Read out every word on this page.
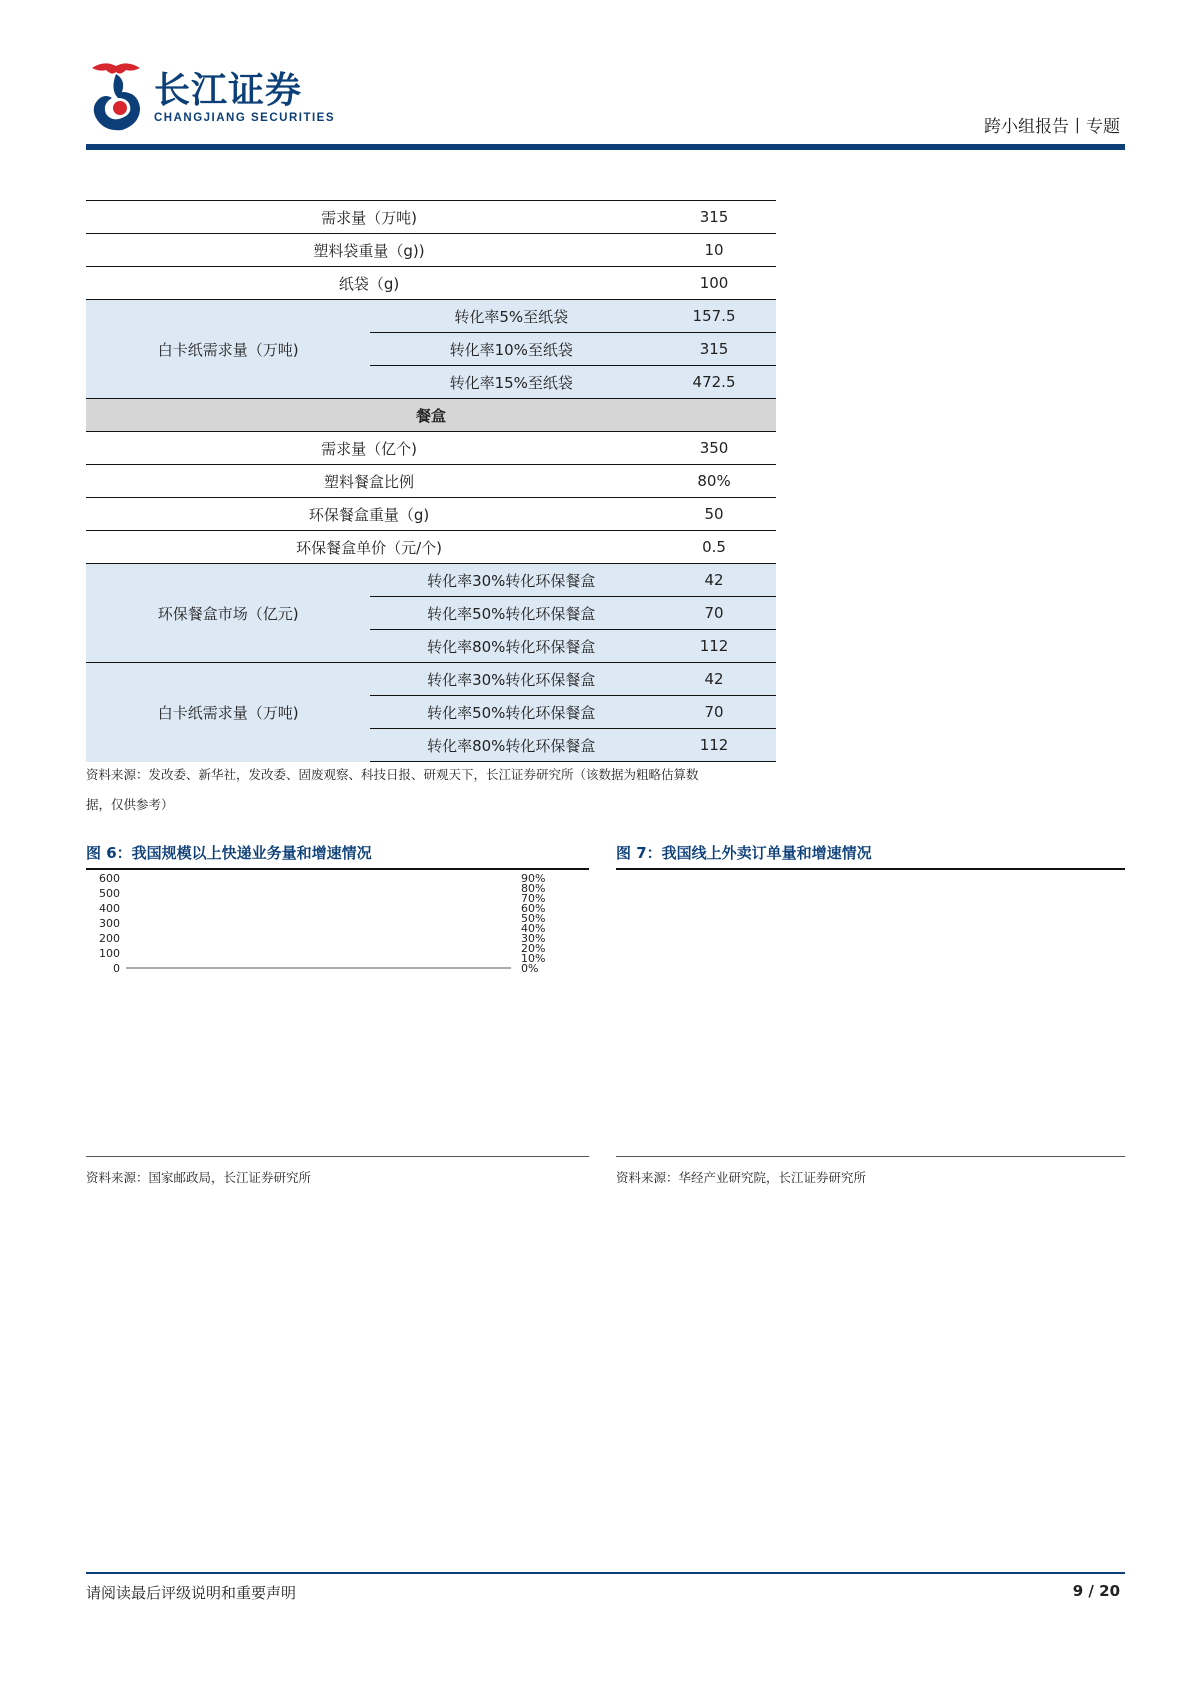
长江证券
CHANGJIANG SECURITIES	跨小组报告丨专题
需求量（万吨)		315
塑料袋重量（g))		10
纸袋（g)		100
白卡纸需求量（万吨)	转化率5%至纸袋	157.5
	转化率10%至纸袋	315
	转化率15%至纸袋	472.5
餐盒		
需求量（亿个)		350
塑料餐盒比例		80%
环保餐盒重量（g)		50
环保餐盒单价（元/个)		0.5
环保餐盒市场（亿元)	转化率30%转化环保餐盒	42
	转化率50%转化环保餐盒	70
	转化率80%转化环保餐盒	112
白卡纸需求量（万吨)	转化率30%转化环保餐盒	42
	转化率50%转化环保餐盒	70
	转化率80%转化环保餐盒	112
资料来源：发改委、新华社，发改委、固废观察、科技日报、研观天下，长江证券研究所（该数据为粗略估算数
据，仅供参考）
图 6：我国规模以上快递业务量和增速情况
0
100
200
300
400
500
600
0%
10%
20%
30%
40%
50%
60%
70%
80%
90%
资料来源：国家邮政局，长江证券研究所
图 7：我国线上外卖订单量和增速情况
资料来源：华经产业研究院，长江证券研究所
请阅读最后评级说明和重要声明	9 / 20
